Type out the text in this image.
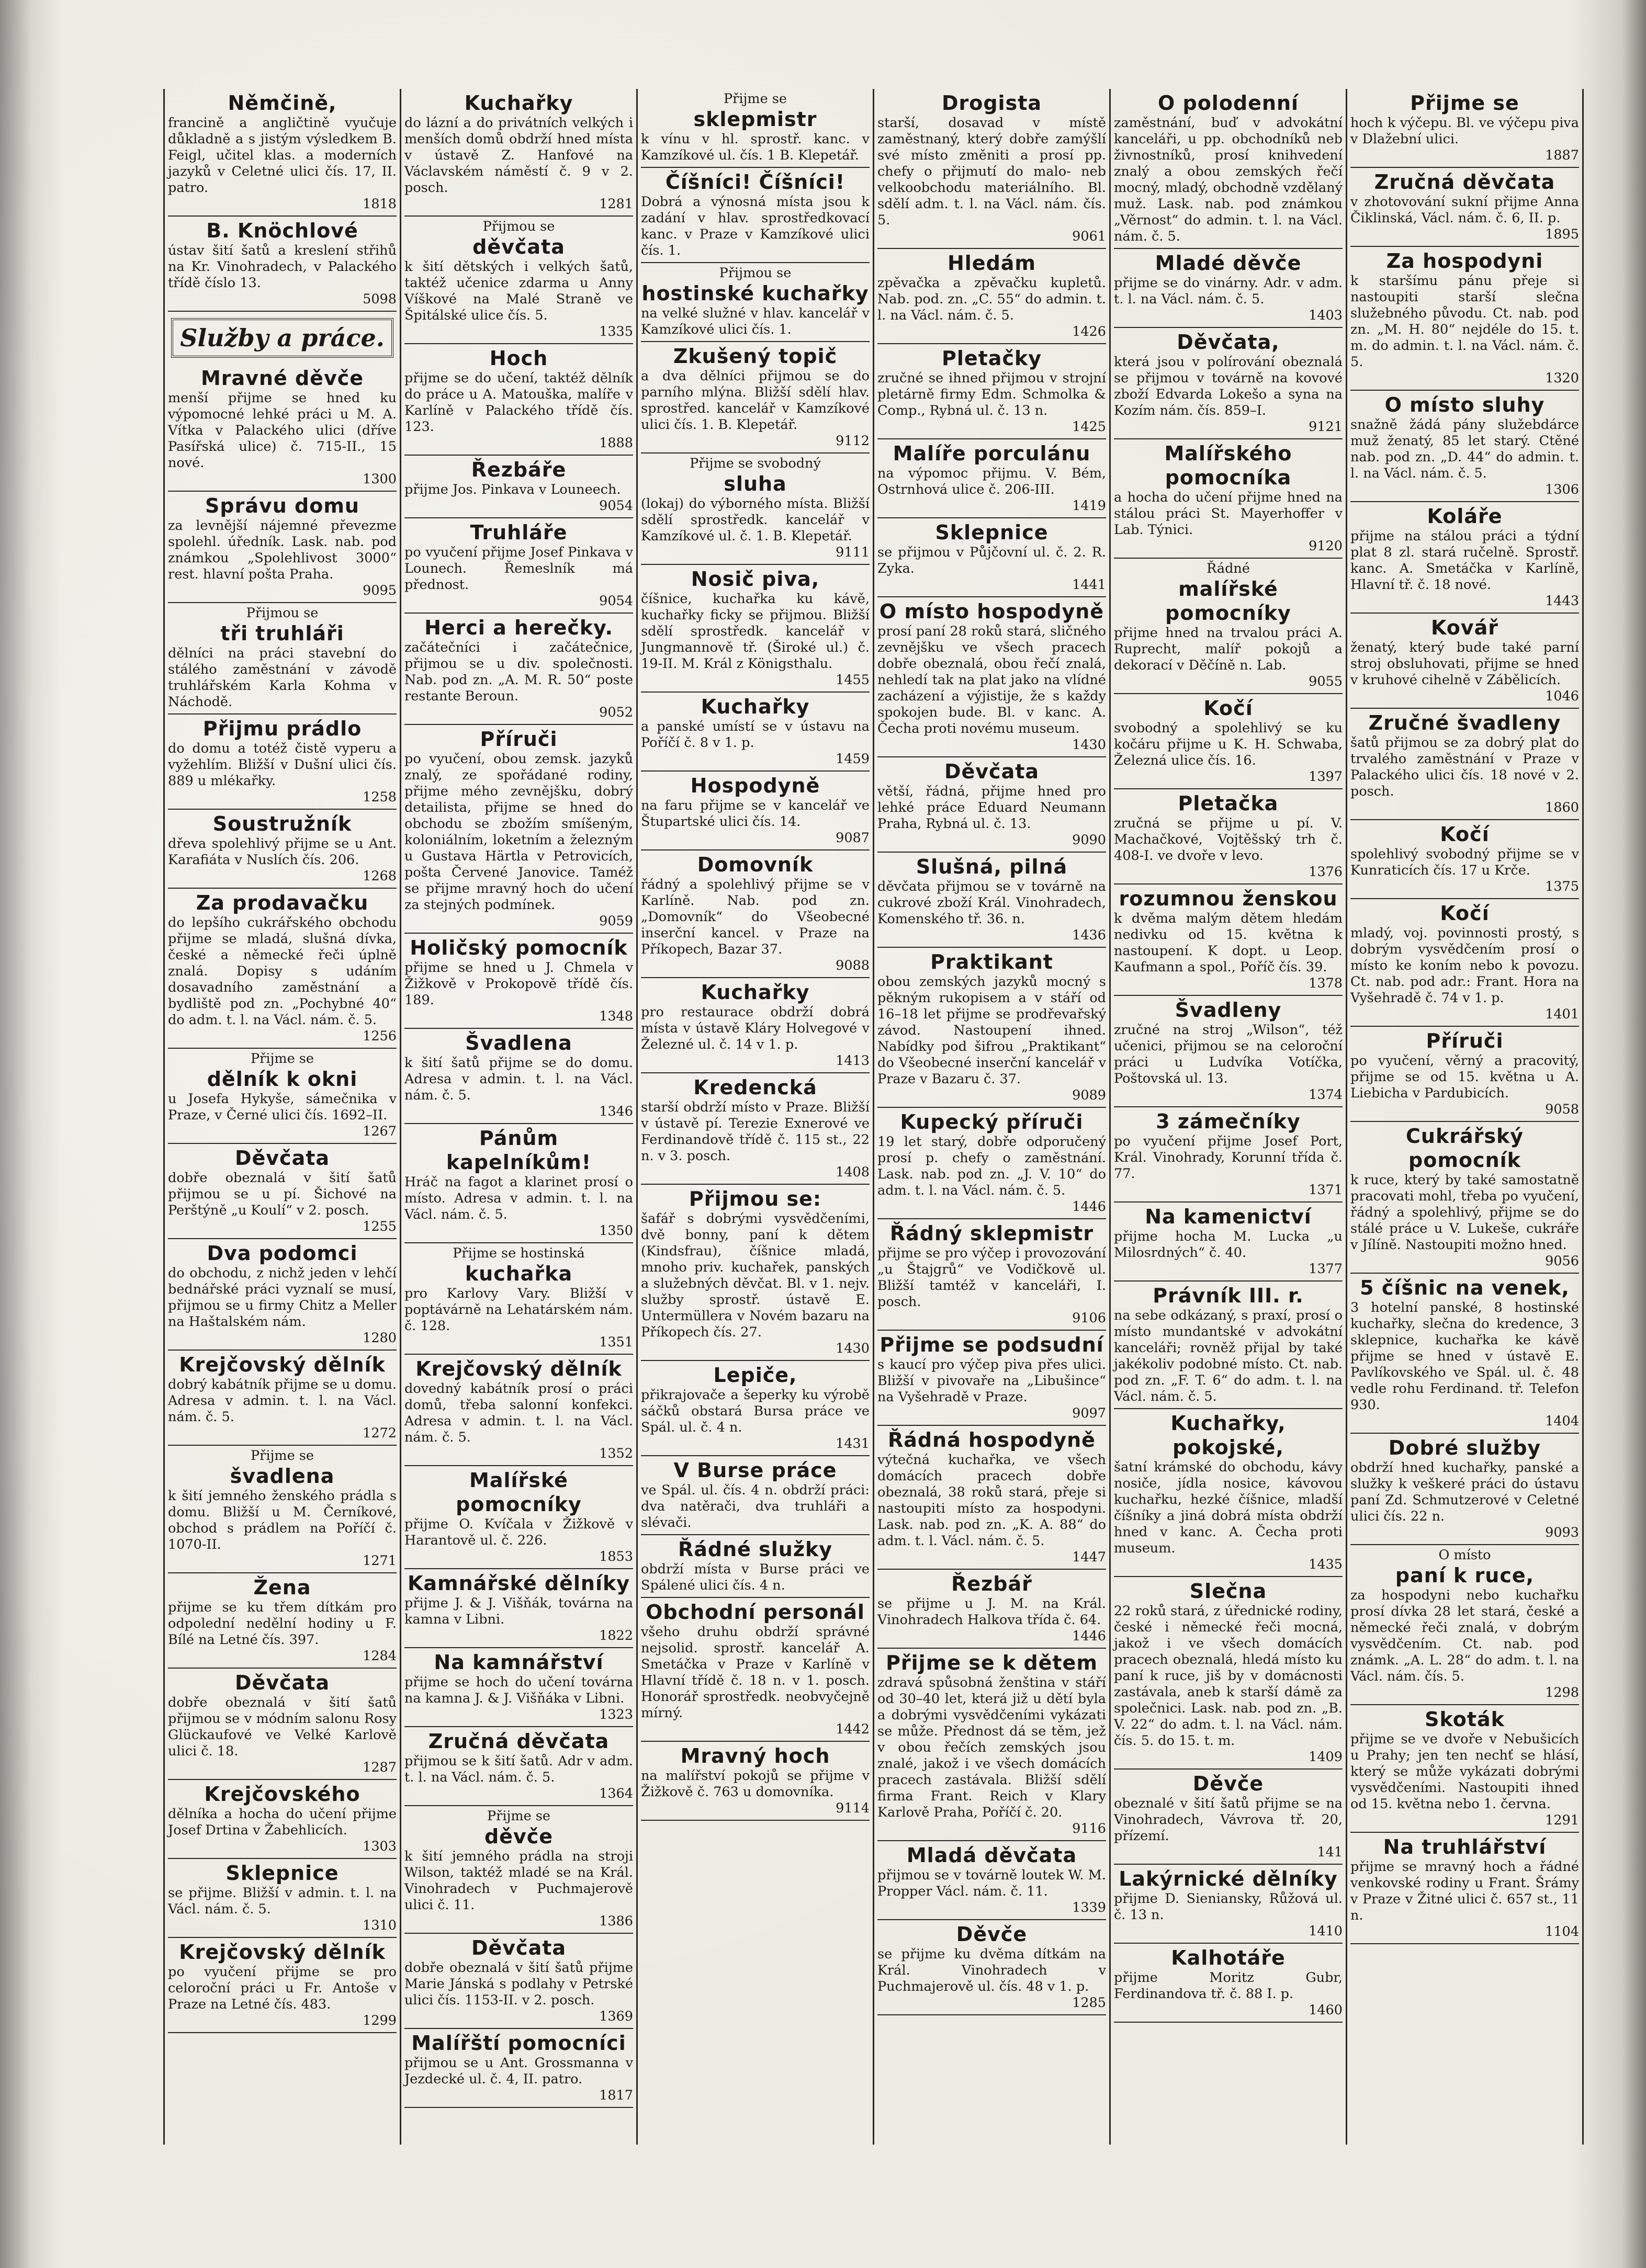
Němčině,
francině a angličtině vyučuje důkladně a s jistým výsledkem B. Feigl, učitel klas. a moderních jazyků v Celetné ulici čís. 17, II. patro.
1818
B. Knöchlové
ústav šití šatů a kreslení střihů na Kr. Vinohradech, v Palackého třídě číslo 13.
5098
Služby a práce.
Mravné děvče
menší přijme se hned ku výpomocné lehké práci u M. A. Vítka v Palackého ulici (dříve Pasířská ulice) č. 715-II., 15 nové.
1300
Správu domu
za levnější nájemné převezme spolehl. úředník. Lask. nab. pod známkou „Spolehlivost 3000“ rest. hlavní pošta Praha.
9095
Přijmou se
tři truhláři
dělníci na práci stavební do stálého zaměstnání v závodě truhlářském Karla Kohma v Náchodě.
Přijmu prádlo
do domu a totéž čistě vyperu a vyžehlím. Bližší v Dušní ulici čís. 889 u mlékařky.
1258
Soustružník
dřeva spolehlivý přijme se u Ant. Karafiáta v Nuslích čís. 206.
1268
Za prodavačku
do lepšího cukrářského obchodu přijme se mladá, slušná dívka, české a německé řeči úplně znalá. Dopisy s udáním dosavadního zaměstnání a bydliště pod zn. „Pochybné 40“ do adm. t. l. na Václ. nám. č. 5.
1256
Přijme se
dělník k okni
u Josefa Hykyše, sámečnika v Praze, v Černé ulici čís. 1692–II.
1267
Děvčata
dobře obeznalá v šití šatů přijmou se u pí. Šichové na Perštýně „u Koulí“ v 2. posch.
1255
Dva podomci
do obchodu, z nichž jeden v lehčí bednářské práci vyznalí se musí, přijmou se u firmy Chitz a Meller na Haštalském nám.
1280
Krejčovský dělník
dobrý kabátník přijme se u domu. Adresa v admin. t. l. na Václ. nám. č. 5.
1272
Přijme se
švadlena
k šití jemného ženského prádla s domu. Bližší u M. Černíkové, obchod s prádlem na Poříčí č. 1070-II.
1271
Žena
přijme se ku třem dítkám pro odpolední nedělní hodiny u F. Bílé na Letné čís. 397.
1284
Děvčata
dobře obeznalá v šití šatů přijmou se v módním salonu Rosy Glückaufové ve Velké Karlově ulici č. 18.
1287
Krejčovského
dělníka a hocha do učení přijme Josef Drtina v Žabehlicích.
1303
Sklepnice
se přijme. Bližší v admin. t. l. na Václ. nám. č. 5.
1310
Krejčovský dělník
po vyučení přijme se pro celoroční práci u Fr. Antoše v Praze na Letné čís. 483.
1299
Kuchařky
do lázní a do privátních velkých i menších domů obdrží hned místa v ústavě Z. Hanfové na Václavském náměstí č. 9 v 2. posch.
1281
Přijmou se
děvčata
k šití dětských i velkých šatů, taktéž učenice zdarma u Anny Víškové na Malé Straně ve Špitálské ulice čís. 5.
1335
Hoch
přijme se do učení, taktéž dělník do práce u A. Matouška, malíře v Karlíně v Palackého třídě čís. 123.
1888
Řezbáře
přijme Jos. Pinkava v Louneech.
9054
Truhláře
po vyučení přijme Josef Pinkava v Lounech. Řemeslník má přednost.
9054
Herci a herečky.
začátečníci i začátečnice, přijmou se u div. společnosti. Nab. pod zn. „A. M. R. 50“ poste restante Beroun.
9052
Příruči
po vyučení, obou zemsk. jazyků znalý, ze spořádané rodiny, přijme mého zevnějšku, dobrý detailista, přijme se hned do obchodu se zbožím smíšeným, koloniálním, loketním a železným u Gustava Härtla v Petrovicích, pošta Červené Janovice. Taméž se přijme mravný hoch do učení za stejných podmínek.
9059
Holičský pomocník
přijme se hned u J. Chmela v Žižkově v Prokopově třídě čís. 189.
1348
Švadlena
k šití šatů přijme se do domu. Adresa v admin. t. l. na Václ. nám. č. 5.
1346
Pánům kapelníkům!
Hráč na fagot a klarinet prosí o místo. Adresa v admin. t. l. na Václ. nám. č. 5.
1350
Přijme se hostinská
kuchařka
pro Karlovy Vary. Bližší v poptávárně na Lehatárském nám. č. 128.
1351
Krejčovský dělník
dovedný kabátník prosí o práci domů, třeba salonní konfekci. Adresa v admin. t. l. na Václ. nám. č. 5.
1352
Malířské pomocníky
přijme O. Kvíčala v Žižkově v Harantově ul. č. 226.
1853
Kamnářské dělníky
přijme J. & J. Višňák, továrna na kamna v Libni.
1822
Na kamnářství
přijme se hoch do učení továrna na kamna J. & J. Višňáka v Libni.
1323
Zručná děvčata
přijmou se k šití šatů. Adr v adm. t. l. na Václ. nám. č. 5.
1364
Přijme se
děvče
k šití jemného prádla na stroji Wilson, taktéž mladé se na Král. Vinohradech v Puchmajerově ulici č. 11.
1386
Děvčata
dobře obeznalá v šití šatů přijme Marie Jánská s podlahy v Petrské ulici čís. 1153-II. v 2. posch.
1369
Malířští pomocníci
přijmou se u Ant. Grossmanna v Jezdecké ul. č. 4, II. patro.
1817
Přijme se
sklepmistr
k vínu v hl. sprostř. kanc. v Kamzíkové ul. čís. 1 B. Klepetář.
Číšníci! Číšníci!
Dobrá a výnosná místa jsou k zadání v hlav. sprostředkovací kanc. v Praze v Kamzíkové ulici čís. 1.
Přijmou se
hostinské kuchařky
na velké služné v hlav. kancelář v Kamzíkové ulici čís. 1.
Zkušený topič
a dva dělníci přijmou se do parního mlýna. Bližší sdělí hlav. sprostřed. kancelář v Kamzíkové ulici čís. 1. B. Klepetář.
9112
Přijme se svobodný
sluha
(lokaj) do výborného místa. Bližší sdělí sprostředk. kancelář v Kamzíkové ul. č. 1. B. Klepetář.
9111
Nosič piva,
číšnice, kuchařka ku kávě, kuchařky ficky se přijmou. Bližší sdělí sprostředk. kancelář v Jungmannově tř. (Široké ul.) č. 19-II. M. Král z Königsthalu.
1455
Kuchařky
a panské umístí se v ústavu na Poříčí č. 8 v 1. p.
1459
Hospodyně
na faru přijme se v kancelář ve Štupartské ulici čís. 14.
9087
Domovník
řádný a spolehlivý přijme se v Karlíně. Nab. pod zn. „Domovník“ do Všeobecné inserční kancel. v Praze na Příkopech, Bazar 37.
9088
Kuchařky
pro restaurace obdrží dobrá místa v ústavě Kláry Holvegové v Železné ul. č. 14 v 1. p.
1413
Kredencká
starší obdrží místo v Praze. Bližší v ústavě pí. Terezie Exnerové ve Ferdinandově třídě č. 115 st., 22 n. v 3. posch.
1408
Přijmou se:
šafář s dobrými vysvědčeními, dvě bonny, paní k dětem (Kindsfrau), číšnice mladá, mnoho priv. kuchařek, panských a služebných děvčat. Bl. v 1. nejv. služby sprostř. ústavě E. Untermüllera v Novém bazaru na Příkopech čís. 27.
1430
Lepiče,
přikrajovače a šeperky ku výrobě sáčků obstará Bursa práce ve Spál. ul. č. 4 n.
1431
V Burse práce
ve Spál. ul. čís. 4 n. obdrží práci: dva natěrači, dva truhláři a slévači.
Řádné služky
obdrží místa v Burse práci ve Spálené ulici čís. 4 n.
Obchodní personál
všeho druhu obdrží správné nejsolid. sprostř. kancelář A. Smetáčka v Praze v Karlíně v Hlavní třídě č. 18 n. v 1. posch. Honorář sprostředk. neobvyčejně mírný.
1442
Mravný hoch
na malířství pokojů se přijme v Žižkově č. 763 u domovníka.
9114
Drogista
starší, dosavad v místě zaměstnaný, který dobře zamýšlí své místo změniti a prosí pp. chefy o přijmutí do malo- neb velkoobchodu materiálního. Bl. sdělí adm. t. l. na Václ. nám. čís. 5.
9061
Hledám
zpěvačka a zpěvačku kupletů. Nab. pod. zn. „C. 55“ do admin. t. l. na Václ. nám. č. 5.
1426
Pletačky
zručné se ihned přijmou v strojní pletárně firmy Edm. Schmolka & Comp., Rybná ul. č. 13 n.
1425
Malíře porculánu
na výpomoc přijmu. V. Bém, Ostrnhová ulice č. 206-III.
1419
Sklepnice
se přijmou v Půjčovní ul. č. 2. R. Zyka.
1441
O místo hospodyně
prosí paní 28 roků stará, sličného zevnějšku ve všech pracech dobře obeznalá, obou řečí znalá, nehledí tak na plat jako na vlídné zacházení a výjistije, že s každy spokojen bude. Bl. v kanc. A. Čecha proti novému museum.
1430
Děvčata
větší, řádná, přijme hned pro lehké práce Eduard Neumann Praha, Rybná ul. č. 13.
9090
Slušná, pilná
děvčata přijmou se v továrně na cukrové zboží Král. Vinohradech, Komenského tř. 36. n.
1436
Praktikant
obou zemských jazyků mocný s pěkným rukopisem a v stáří od 16–18 let přijme se prodřevařský závod. Nastoupení ihned. Nabídky pod šifrou „Praktikant“ do Všeobecné inserční kancelář v Praze v Bazaru č. 37.
9089
Kupecký příruči
19 let starý, dobře odporučený prosí p. chefy o zaměstnání. Lask. nab. pod zn. „J. V. 10“ do adm. t. l. na Václ. nám. č. 5.
1446
Řádný sklepmistr
přijme se pro výčep i provozování „u Štajgrů“ ve Vodičkově ul. Bližší tamtéž v kanceláři, I. posch.
9106
Přijme se podsudní
s kaucí pro výčep piva přes ulici. Bližší v pivovaře na „Libušince“ na Vyšehradě v Praze.
9097
Řádná hospodyně
výtečná kuchařka, ve všech domácích pracech dobře obeznalá, 38 roků stará, přeje si nastoupiti místo za hospodyni. Lask. nab. pod zn. „K. A. 88“ do adm. t. l. Václ. nám. č. 5.
1447
Řezbář
se přijme u J. M. na Král. Vinohradech Halkova třída č. 64.
1446
Přijme se k dětem
zdravá spůsobná ženština v stáří od 30–40 let, která již u dětí byla a dobrými vysvědčeními vykázati se může. Přednost dá se těm, jež v obou řečích zemských jsou znalé, jakož i ve všech domácích pracech zastávala. Bližší sdělí firma Frant. Reich v Klary Karlově Praha, Poříčí č. 20.
9116
Mladá děvčata
přijmou se v továrně loutek W. M. Propper Václ. nám. č. 11.
1339
Děvče
se přijme ku dvěma dítkám na Král. Vinohradech v Puchmajerově ul. čís. 48 v 1. p.
1285
O polodenní
zaměstnání, buď v advokátní kanceláři, u pp. obchodníků neb živnostníků, prosí knihvedení znalý a obou zemských řečí mocný, mladý, obchodně vzdělaný muž. Lask. nab. pod známkou „Věrnost“ do admin. t. l. na Václ. nám. č. 5.
Mladé děvče
přijme se do vinárny. Adr. v adm. t. l. na Václ. nám. č. 5.
1403
Děvčata,
která jsou v polírování obeznalá se přijmou v továrně na kovové zboží Edvarda Lokešo a syna na Kozím nám. čís. 859–I.
9121
Malířského pomocníka
a hocha do učení přijme hned na stálou práci St. Mayerhoffer v Lab. Týnici.
9120
Řádné
malířské pomocníky
přijme hned na trvalou práci A. Ruprecht, malíř pokojů a dekorací v Děčíně n. Lab.
9055
Kočí
svobodný a spolehlivý se ku kočáru přijme u K. H. Schwaba, Železná ulice čís. 16.
1397
Pletačka
zručná se přijme u pí. V. Machačkové, Vojtěšský trh č. 408-I. ve dvoře v levo.
1376
rozumnou ženskou
k dvěma malým dětem hledám nedivku od 15. května k nastoupení. K dopt. u Leop. Kaufmann a spol., Poříč čís. 39.
1378
Švadleny
zručné na stroj „Wilson“, též učenici, přijmou se na celoroční práci u Ludvíka Votíčka, Poštovská ul. 13.
1374
3 zámečníky
po vyučení přijme Josef Port, Král. Vinohrady, Korunní třída č. 77.
1371
Na kamenictví
přijme hocha M. Lucka „u Milosrdných“ č. 40.
1377
Právník III. r.
na sebe odkázaný, s praxí, prosí o místo mundantské v advokátní kanceláři; rovněž přijal by také jakékoliv podobné místo. Ct. nab. pod zn. „F. T. 6“ do adm. t. l. na Václ. nám. č. 5.
Kuchařky, pokojské,
šatní krámské do obchodu, kávy nosiče, jídla nosice, kávovou kuchařku, hezké číšnice, mladší číšníky a jiná dobrá místa obdrží hned v kanc. A. Čecha proti museum.
1435
Slečna
22 roků stará, z úřednické rodiny, české i německé řeči mocná, jakož i ve všech domácích pracech obeznalá, hledá místo ku paní k ruce, jiš by v domácnosti zastávala, aneb k starší dámě za společnici. Lask. nab. pod zn. „B. V. 22“ do adm. t. l. na Václ. nám. čís. 5. do 15. t. m.
1409
Děvče
obeznalé v šití šatů přijme se na Vinohradech, Vávrova tř. 20, přízemí.
141
Lakýrnické dělníky
přijme D. Sieniansky, Růžová ul. č. 13 n.
1410
Kalhotáře
přijme Moritz Gubr, Ferdinandova tř. č. 88 I. p.
1460
Přijme se
hoch k výčepu. Bl. ve výčepu piva v Dlažební ulici.
1887
Zručná děvčata
v zhotovování sukní přijme Anna Čiklinská, Václ. nám. č. 6, II. p.
1895
Za hospodyni
k staršímu pánu přeje si nastoupiti starší slečna služebného původu. Ct. nab. pod zn. „M. H. 80“ nejdéle do 15. t. m. do admin. t. l. na Václ. nám. č. 5.
1320
O místo sluhy
snažně žádá pány služebdárce muž ženatý, 85 let starý. Ctěné nab. pod zn. „D. 44“ do admin. t. l. na Václ. nám. č. 5.
1306
Koláře
přijme na stálou práci a týdní plat 8 zl. stará ručelně. Sprostř. kanc. A. Smetáčka v Karlíně, Hlavní tř. č. 18 nové.
1443
Kovář
ženatý, který bude také parní stroj obsluhovati, přijme se hned v kruhové cihelně v Zábělicích.
1046
Zručné švadleny
šatů přijmou se za dobrý plat do trvalého zaměstnání v Praze v Palackého ulici čís. 18 nové v 2. posch.
1860
Kočí
spolehlivý svobodný přijme se v Kunraticích čís. 17 u Krče.
1375
Kočí
mladý, voj. povinnosti prostý, s dobrým vysvědčením prosí o místo ke koním nebo k povozu. Ct. nab. pod adr.: Frant. Hora na Vyšehradě č. 74 v 1. p.
1401
Příruči
po vyučení, věrný a pracovitý, přijme se od 15. května u A. Liebicha v Pardubicích.
9058
Cukrářský pomocník
k ruce, který by také samostatně pracovati mohl, třeba po vyučení, řádný a spolehlivý, přijme se do stálé práce u V. Lukeše, cukráře v Jílíně. Nastoupiti možno hned.
9056
5 číšnic na venek,
3 hotelní panské, 8 hostinské kuchařky, slečna do kredence, 3 sklepnice, kuchařka ke kávě přijme se hned v ústavě E. Pavlíkovského ve Spál. ul. č. 48 vedle rohu Ferdinand. tř. Telefon 930.
1404
Dobré služby
obdrží hned kuchařky, panské a služky k veškeré práci do ústavu paní Zd. Schmutzerové v Celetné ulici čís. 22 n.
9093
O místo
paní k ruce,
za hospodyni nebo kuchařku prosí dívka 28 let stará, české a německé řeči znalá, v dobrým vysvědčením. Ct. nab. pod známk. „A. L. 28“ do adm. t. l. na Václ. nám. čís. 5.
1298
Skoták
přijme se ve dvoře v Nebušicích u Prahy; jen ten nechť se hlásí, který se může vykázati dobrými vysvědčeními. Nastoupiti ihned od 15. května nebo 1. června.
1291
Na truhlářství
přijme se mravný hoch a řádné venkovské rodiny u Frant. Šrámy v Praze v Žitné ulici č. 657 st., 11 n.
1104
